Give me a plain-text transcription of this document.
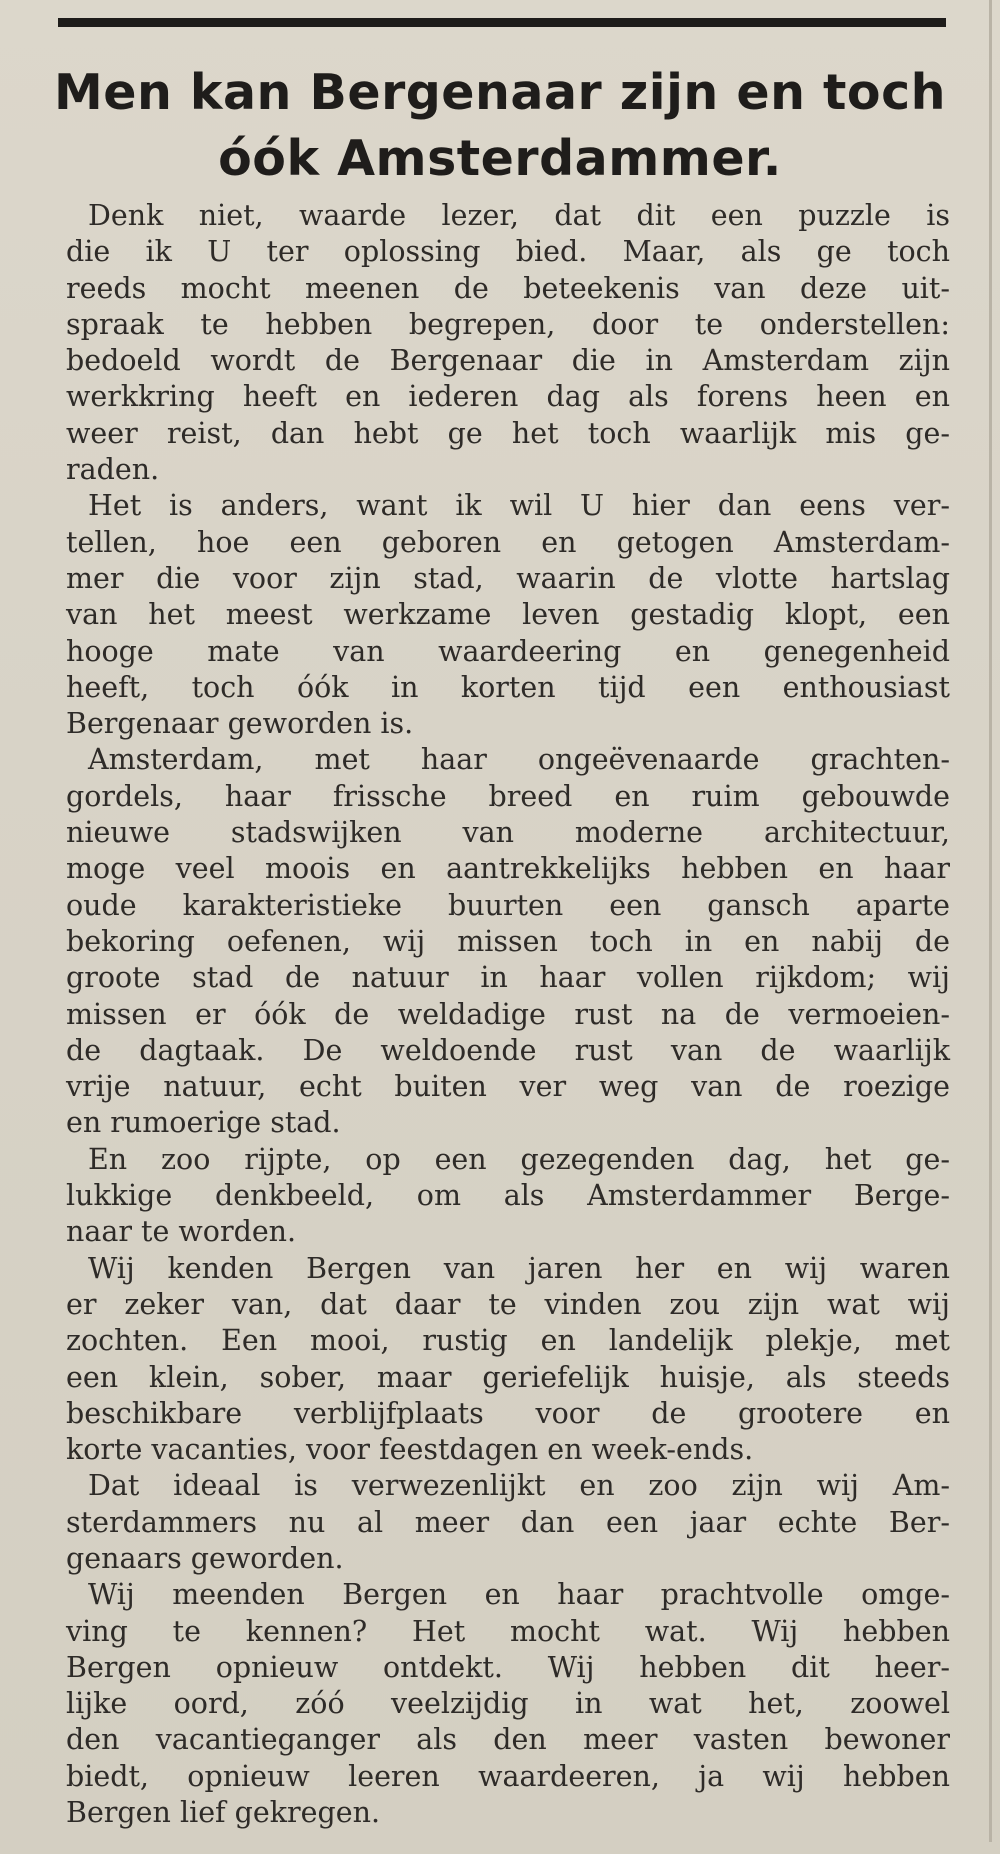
Men kan Bergenaar zijn en toch
óók Amsterdammer.

Denk niet, waarde lezer, dat dit een puzzle is
die ik U ter oplossing bied. Maar, als ge toch
reeds mocht meenen de beteekenis van deze uit-
spraak te hebben begrepen, door te onderstellen:
bedoeld wordt de Bergenaar die in Amsterdam zijn
werkkring heeft en iederen dag als forens heen en
weer reist, dan hebt ge het toch waarlijk mis ge-
raden.

Het is anders, want ik wil U hier dan eens ver-
tellen, hoe een geboren en getogen Amsterdam-
mer die voor zijn stad, waarin de vlotte hartslag
van het meest werkzame leven gestadig klopt, een
hooge mate van waardeering en genegenheid
heeft, toch óók in korten tijd een enthousiast
Bergenaar geworden is.

Amsterdam, met haar ongeëvenaarde grachten-
gordels, haar frissche breed en ruim gebouwde
nieuwe stadswijken van moderne architectuur,
moge veel moois en aantrekkelijks hebben en haar
oude karakteristieke buurten een gansch aparte
bekoring oefenen, wij missen toch in en nabij de
groote stad de natuur in haar vollen rijkdom; wij
missen er óók de weldadige rust na de vermoeien-
de dagtaak. De weldoende rust van de waarlijk
vrije natuur, echt buiten ver weg van de roezige
en rumoerige stad.

En zoo rijpte, op een gezegenden dag, het ge-
lukkige denkbeeld, om als Amsterdammer Berge-
naar te worden.

Wij kenden Bergen van jaren her en wij waren
er zeker van, dat daar te vinden zou zijn wat wij
zochten. Een mooi, rustig en landelijk plekje, met
een klein, sober, maar geriefelijk huisje, als steeds
beschikbare verblijfplaats voor de grootere en
korte vacanties, voor feestdagen en week-ends.

Dat ideaal is verwezenlijkt en zoo zijn wij Am-
sterdammers nu al meer dan een jaar echte Ber-
genaars geworden.

Wij meenden Bergen en haar prachtvolle omge-
ving te kennen? Het mocht wat. Wij hebben
Bergen opnieuw ontdekt. Wij hebben dit heer-
lijke oord, zóó veelzijdig in wat het, zoowel
den vacantieganger als den meer vasten bewoner
biedt, opnieuw leeren waardeeren, ja wij hebben
Bergen lief gekregen.
